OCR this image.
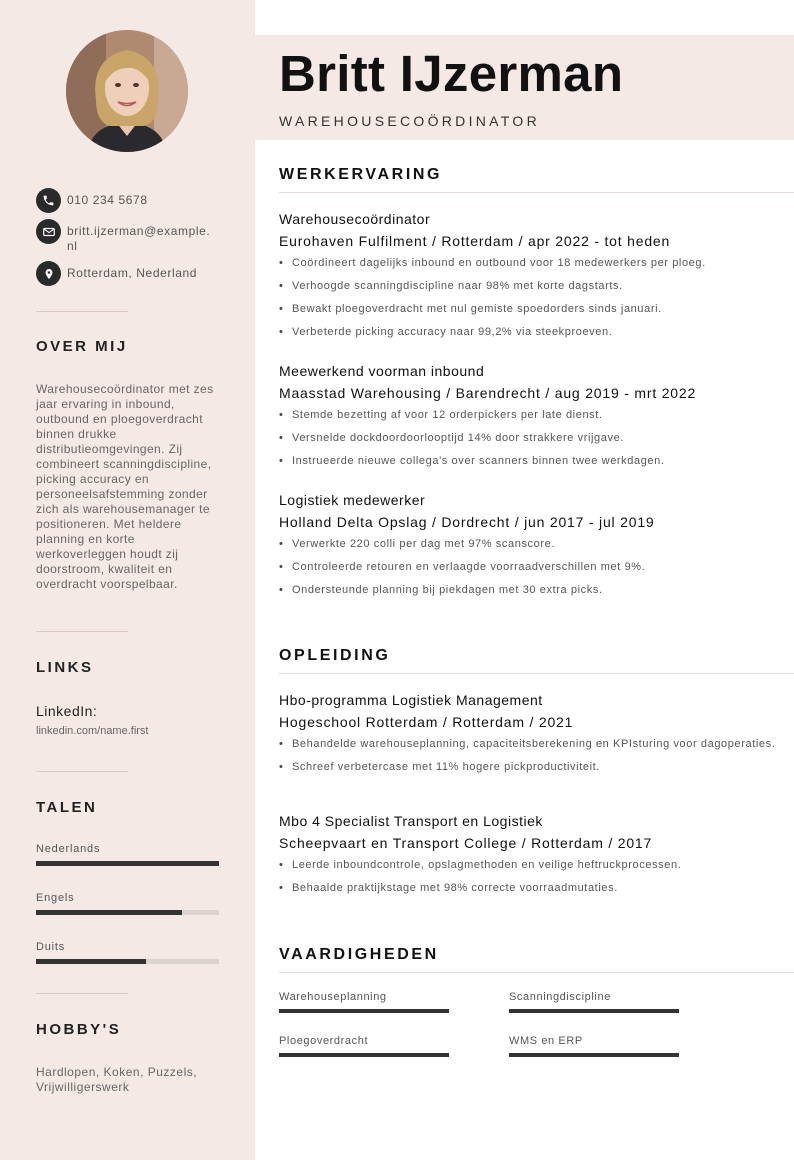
010 234 5678
britt.ijzerman@example.nl
Rotterdam, Nederland
OVER MIJ
Warehousecoördinator met zes jaar ervaring in inbound, outbound en ploegoverdracht binnen drukke distributieomgevingen. Zij combineert scanningdiscipline, picking accuracy en personeelsafstemming zonder zich als warehousemanager te positioneren. Met heldere planning en korte werkoverleggen houdt zij doorstroom, kwaliteit en overdracht voorspelbaar.
LINKS
LinkedIn:
linkedin.com/name.first
TALEN
Nederlands
Engels
Duits
HOBBY'S
Hardlopen, Koken, Puzzels, Vrijwilligerswerk
Britt IJzerman
WAREHOUSECOÖRDINATOR
WERKERVARING
Warehousecoördinator
Eurohaven Fulfilment / Rotterdam / apr 2022 - tot heden
• Coördineert dagelijks inbound en outbound voor 18 medewerkers per ploeg.
• Verhoogde scanningdiscipline naar 98% met korte dagstarts.
• Bewakt ploegoverdracht met nul gemiste spoedorders sinds januari.
• Verbeterde picking accuracy naar 99,2% via steekproeven.
Meewerkend voorman inbound
Maasstad Warehousing / Barendrecht / aug 2019 - mrt 2022
• Stemde bezetting af voor 12 orderpickers per late dienst.
• Versnelde dockdoordoorlooptijd 14% door strakkere vrijgave.
• Instrueerde nieuwe collega's over scanners binnen twee werkdagen.
Logistiek medewerker
Holland Delta Opslag / Dordrecht / jun 2017 - jul 2019
• Verwerkte 220 colli per dag met 97% scanscore.
• Controleerde retouren en verlaagde voorraadverschillen met 9%.
• Ondersteunde planning bij piekdagen met 30 extra picks.
OPLEIDING
Hbo-programma Logistiek Management
Hogeschool Rotterdam / Rotterdam / 2021
• Behandelde warehouseplanning, capaciteitsberekening en KPIsturing voor dagoperaties.
• Schreef verbetercase met 11% hogere pickproductiviteit.
Mbo 4 Specialist Transport en Logistiek
Scheepvaart en Transport College / Rotterdam / 2017
• Leerde inboundcontrole, opslagmethoden en veilige heftruckprocessen.
• Behaalde praktijkstage met 98% correcte voorraadmutaties.
VAARDIGHEDEN
Warehouseplanning	Scanningdiscipline
Ploegoverdracht	WMS en ERP
